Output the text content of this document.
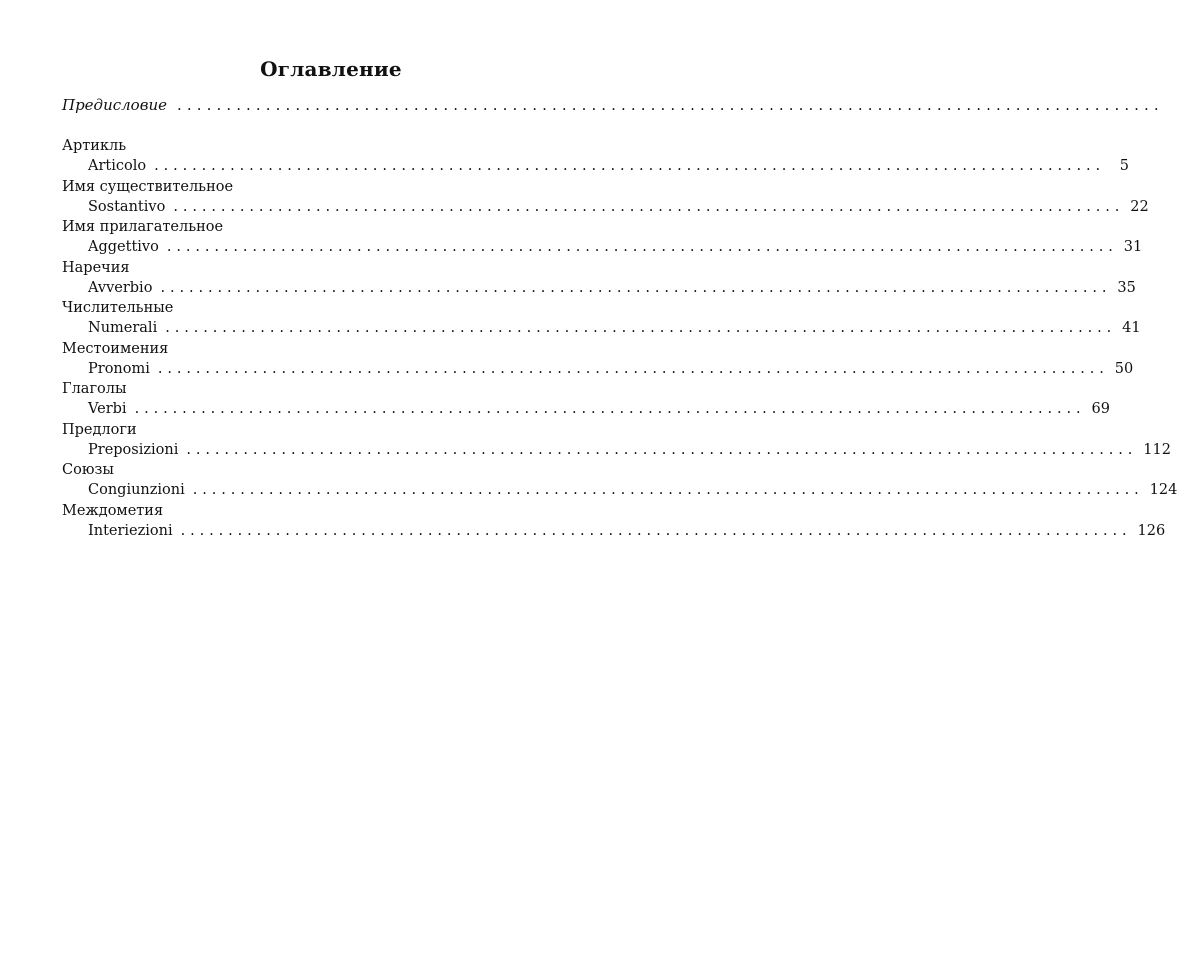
Оглавление
Предисловие ....................................................................................................
Артикль
Articolo ....................................................................................................	5
Имя существительное
Sostantivo .................................................................................................... 22
Имя прилагательное
Aggettivo .................................................................................................... 31
Наречия
Avverbio .................................................................................................... 35
Числительные
Numerali .................................................................................................... 41
Местоимения
Pronomi .................................................................................................... 50
Глаголы
Verbi .................................................................................................... 69
Предлоги
Preposizioni .................................................................................................... 112
Союзы
Congiunzioni .................................................................................................... 124
Междометия
Interiezioni .................................................................................................... 126
